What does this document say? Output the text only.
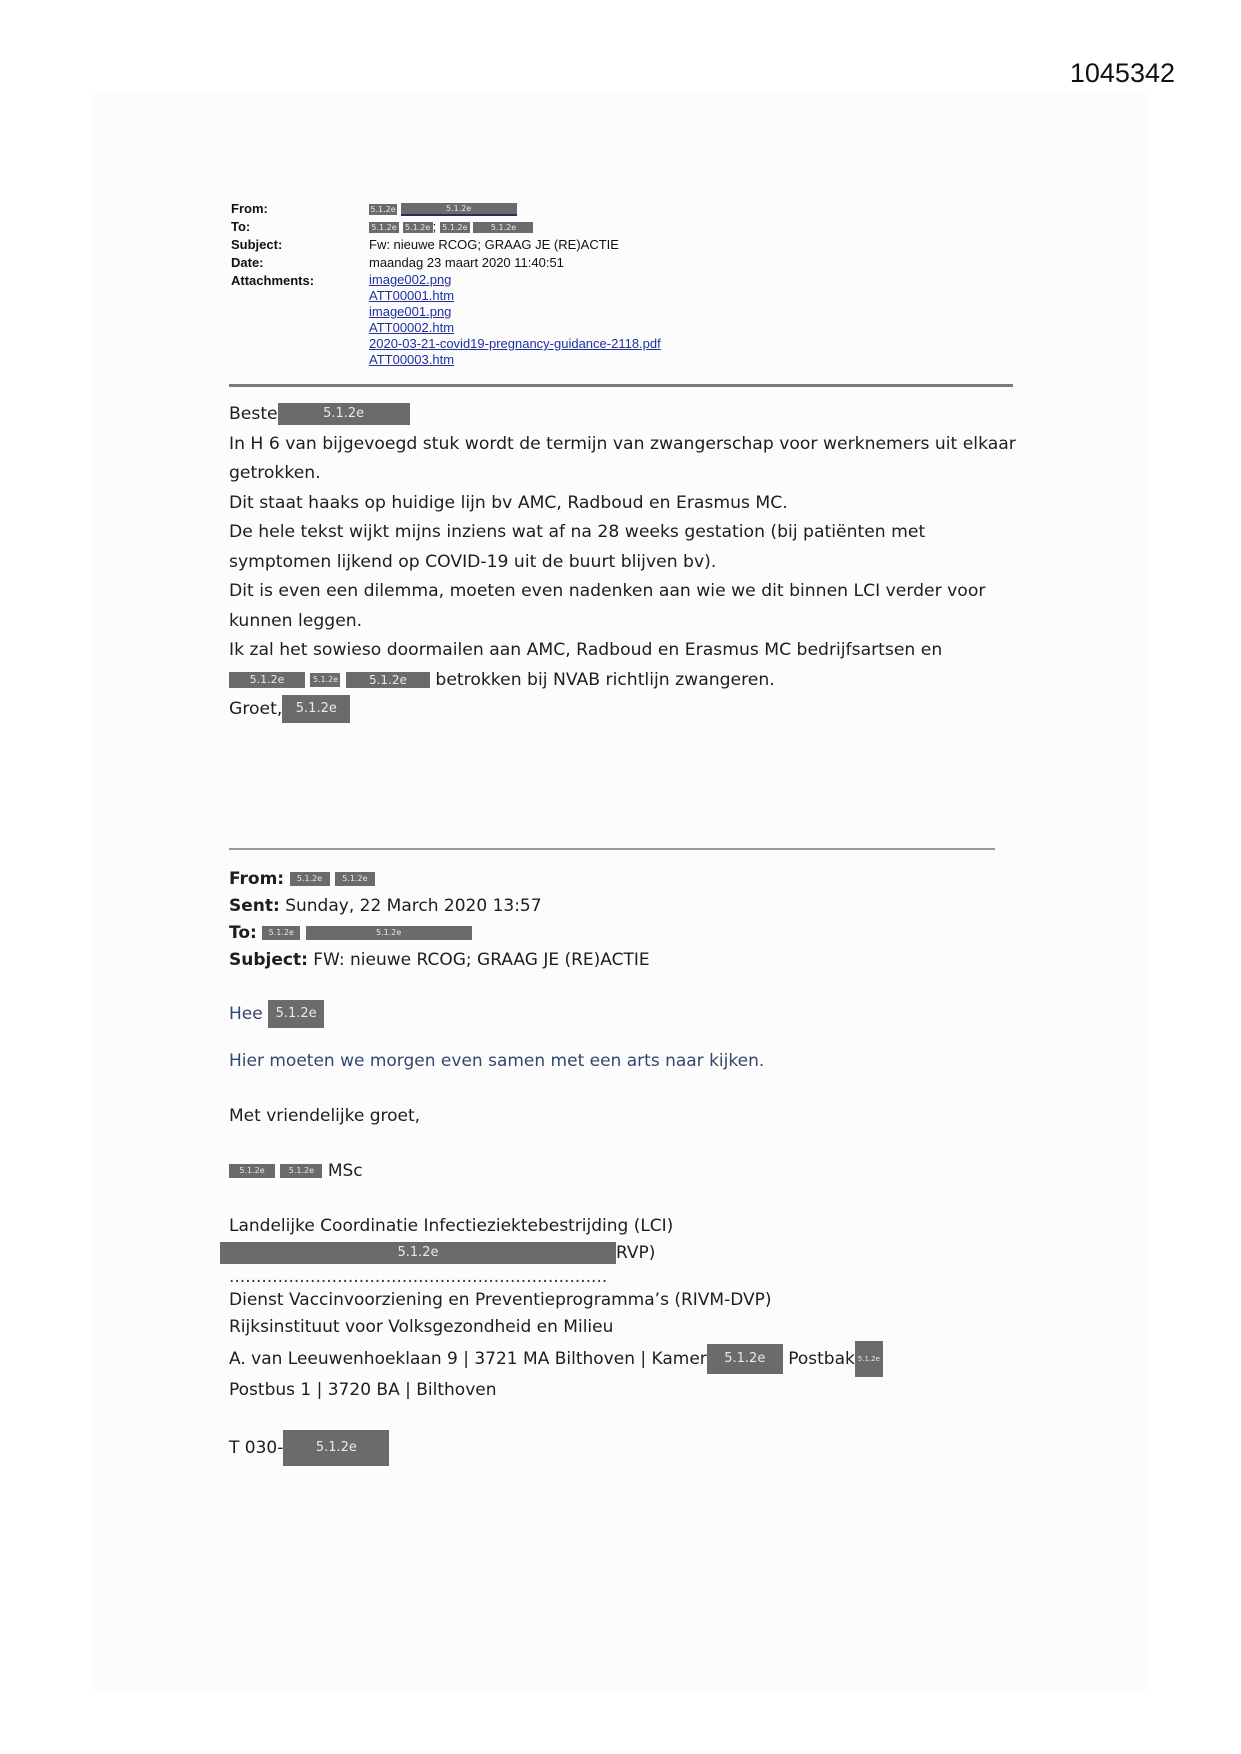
1045342
From:	5.1.2e	5.1.2e
To:	5.1.2e 5.1.2e ; 5.1.2e	5.1.2e
Subject:	Fw: nieuwe RCOG; GRAAG JE (RE)ACTIE
Date:	maandag 23 maart 2020 11:40:51
Attachments:	image002.png
ATT00001.htm
image001.png
ATT00002.htm
2020-03-21-covid19-pregnancy-guidance-2118.pdf
ATT00003.htm

Beste	5.1.2e

In H 6 van bijgevoegd stuk wordt de termijn van zwangerschap voor werknemers uit elkaar getrokken.

Dit staat haaks op huidige lijn bv AMC, Radboud en Erasmus MC.

De hele tekst wijkt mijns inziens wat af na 28 weeks gestation (bij patiënten met symptomen lijkend op COVID-19 uit de buurt blijven bv).

Dit is even een dilemma, moeten even nadenken aan wie we dit binnen LCI verder voor kunnen leggen.

Ik zal het sowieso doormailen aan AMC, Radboud en Erasmus MC bedrijfsartsen en

5.1.2e	5.1.2e	5.1.2e betrokken bij NVAB richtlijn zwangeren.

Groet, 5.1.2e

From: 5.1.2e	5.1.2e

Sent: Sunday, 22 March 2020 13:57

To: 5.1.2e	5.1.2e

Subject: FW: nieuwe RCOG; GRAAG JE (RE)ACTIE

Hee 5.1.2e

Hier moeten we morgen even samen met een arts naar kijken.

Met vriendelijke groet,

5.1.2e	5.1.2e MSc

Landelijke Coordinatie Infectieziektebestrijding (LCI)

5.1.2e	RVP)

......................................................................

Dienst Vaccinvoorziening en Preventieprogramma’s (RIVM-DVP)

Rijksinstituut voor Volksgezondheid en Milieu

A. van Leeuwenhoeklaan 9 | 3721 MA Bilthoven | Kamer 5.1.2e Postbak 5.1.2e

Postbus 1 | 3720 BA | Bilthoven

T 030- 5.1.2e
